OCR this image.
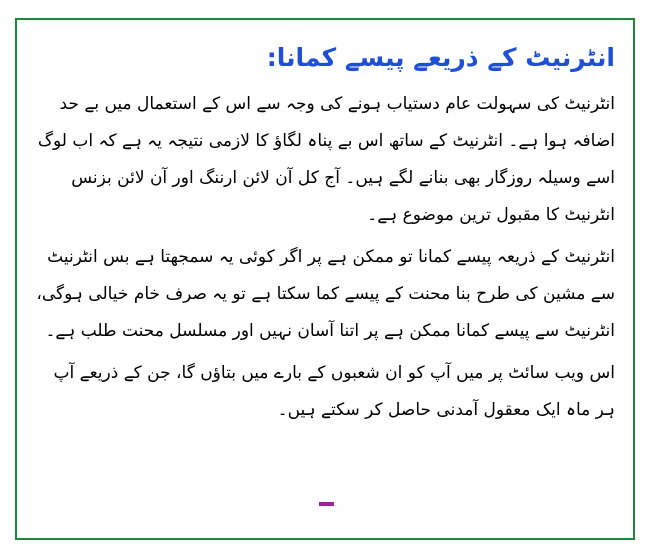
انٹرنیٹ کے ذریعے پیسے کمانا:

انٹرنیٹ کی سہولت عام دستیاب ہونے کی وجہ سے اس کے استعمال میں بے حد اضافہ ہوا ہے۔ انٹرنیٹ کے ساتھ اس بے پناہ لگاؤ کا لازمی نتیجہ یہ ہے کہ اب لوگ اسے وسیلہ روزگار بھی بنانے لگے ہیں۔ آج کل آن لائن ارننگ اور آن لائن بزنس انٹرنیٹ کا مقبول ترین موضوع ہے۔

انٹرنیٹ کے ذریعہ پیسے کمانا تو ممکن ہے پر اگر کوئی یہ سمجھتا ہے بس انٹرنیٹ سے مشین کی طرح بنا محنت کے پیسے کما سکتا ہے تو یہ صرف خام خیالی ہوگی، انٹرنیٹ سے پیسے کمانا ممکن ہے پر اتنا آسان نہیں اور مسلسل محنت طلب ہے۔

اس ویب سائٹ پر میں آپ کو ان شعبوں کے بارے میں بتاؤں گا، جن کے ذریعے آپ ہر ماہ ایک معقول آمدنی حاصل کر سکتے ہیں۔
